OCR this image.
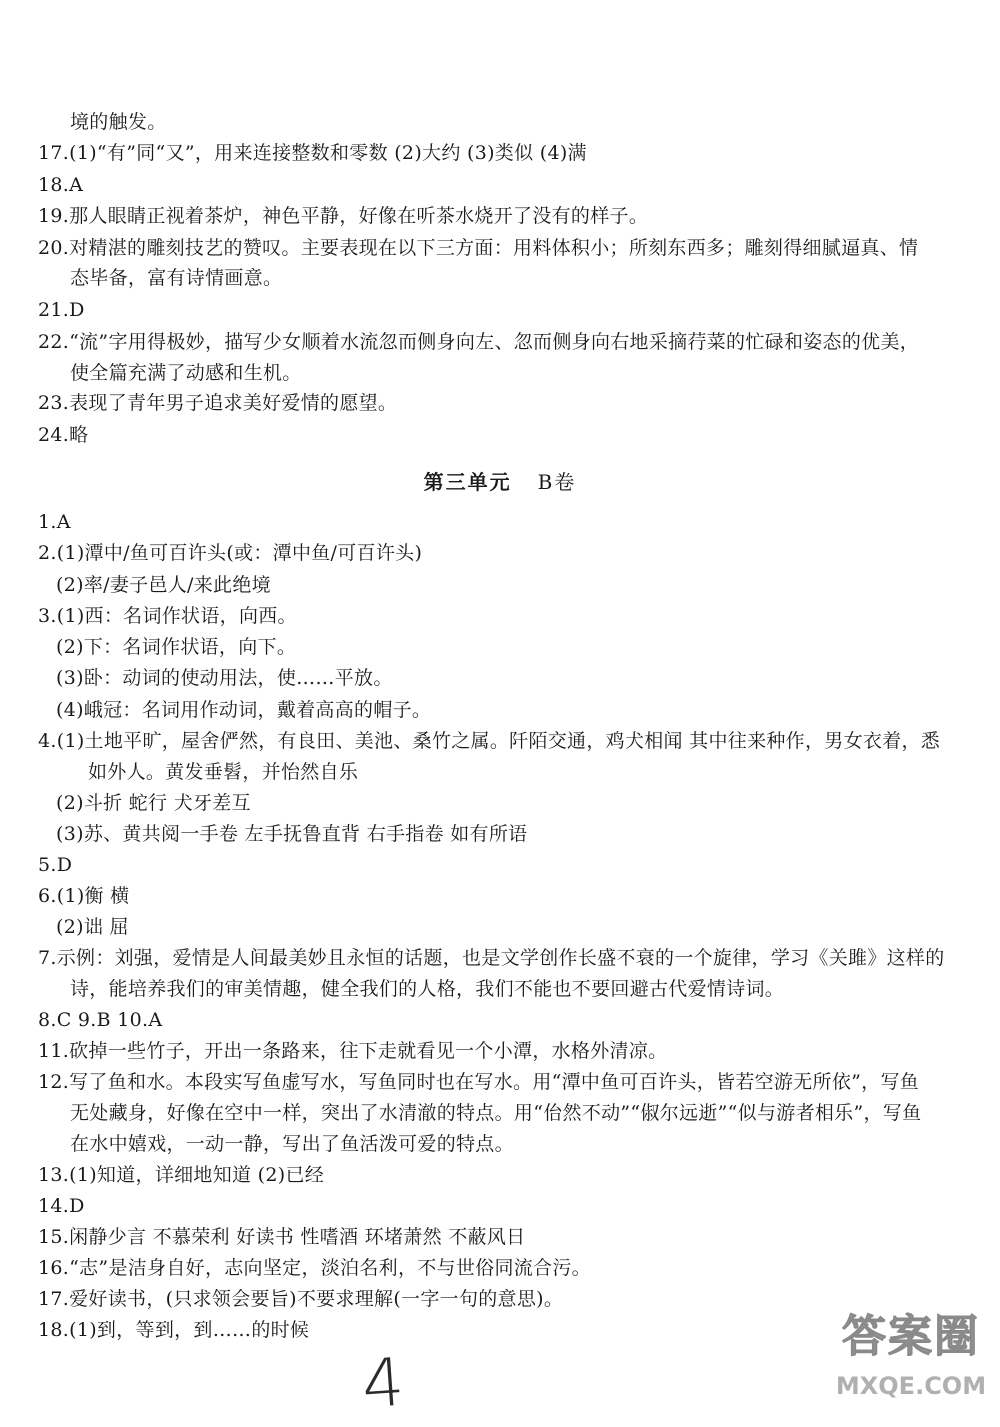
境的触发。
17.(1)“有”同“又”，用来连接整数和零数 (2)大约 (3)类似 (4)满
18.A
19.那人眼睛正视着茶炉，神色平静，好像在听茶水烧开了没有的样子。
20.对精湛的雕刻技艺的赞叹。主要表现在以下三方面：用料体积小；所刻东西多；雕刻得细腻逼真、情
态毕备，富有诗情画意。
21.D
22.“流”字用得极妙，描写少女顺着水流忽而侧身向左、忽而侧身向右地采摘荇菜的忙碌和姿态的优美，
使全篇充满了动感和生机。
23.表现了青年男子追求美好爱情的愿望。
24.略
第三单元 B卷
1.A
2.(1)潭中/鱼可百许头(或：潭中鱼/可百许头)
(2)率/妻子邑人/来此绝境
3.(1)西：名词作状语，向西。
(2)下：名词作状语，向下。
(3)卧：动词的使动用法，使……平放。
(4)峨冠：名词用作动词，戴着高高的帽子。
4.(1)土地平旷，屋舍俨然，有良田、美池、桑竹之属。阡陌交通，鸡犬相闻 其中往来种作，男女衣着，悉
如外人。黄发垂髫，并怡然自乐
(2)斗折 蛇行 犬牙差互
(3)苏、黄共阅一手卷 左手抚鲁直背 右手指卷 如有所语
5.D
6.(1)衡 横
(2)诎 屈
7.示例：刘强，爱情是人间最美妙且永恒的话题，也是文学创作长盛不衰的一个旋律，学习《关雎》这样的
诗，能培养我们的审美情趣，健全我们的人格，我们不能也不要回避古代爱情诗词。
8.C 9.B 10.A
11.砍掉一些竹子，开出一条路来，往下走就看见一个小潭，水格外清凉。
12.写了鱼和水。本段实写鱼虚写水，写鱼同时也在写水。用“潭中鱼可百许头，皆若空游无所依”，写鱼
无处藏身，好像在空中一样，突出了水清澈的特点。用“佁然不动”“俶尔远逝”“似与游者相乐”，写鱼
在水中嬉戏，一动一静，写出了鱼活泼可爱的特点。
13.(1)知道，详细地知道 (2)已经
14.D
15.闲静少言 不慕荣利 好读书 性嗜酒 环堵萧然 不蔽风日
16.“志”是洁身自好，志向坚定，淡泊名利，不与世俗同流合污。
17.爱好读书，(只求领会要旨)不要求理解(一字一句的意思)。
18.(1)到，等到，到……的时候
4
答案圈
MXQE.COM
